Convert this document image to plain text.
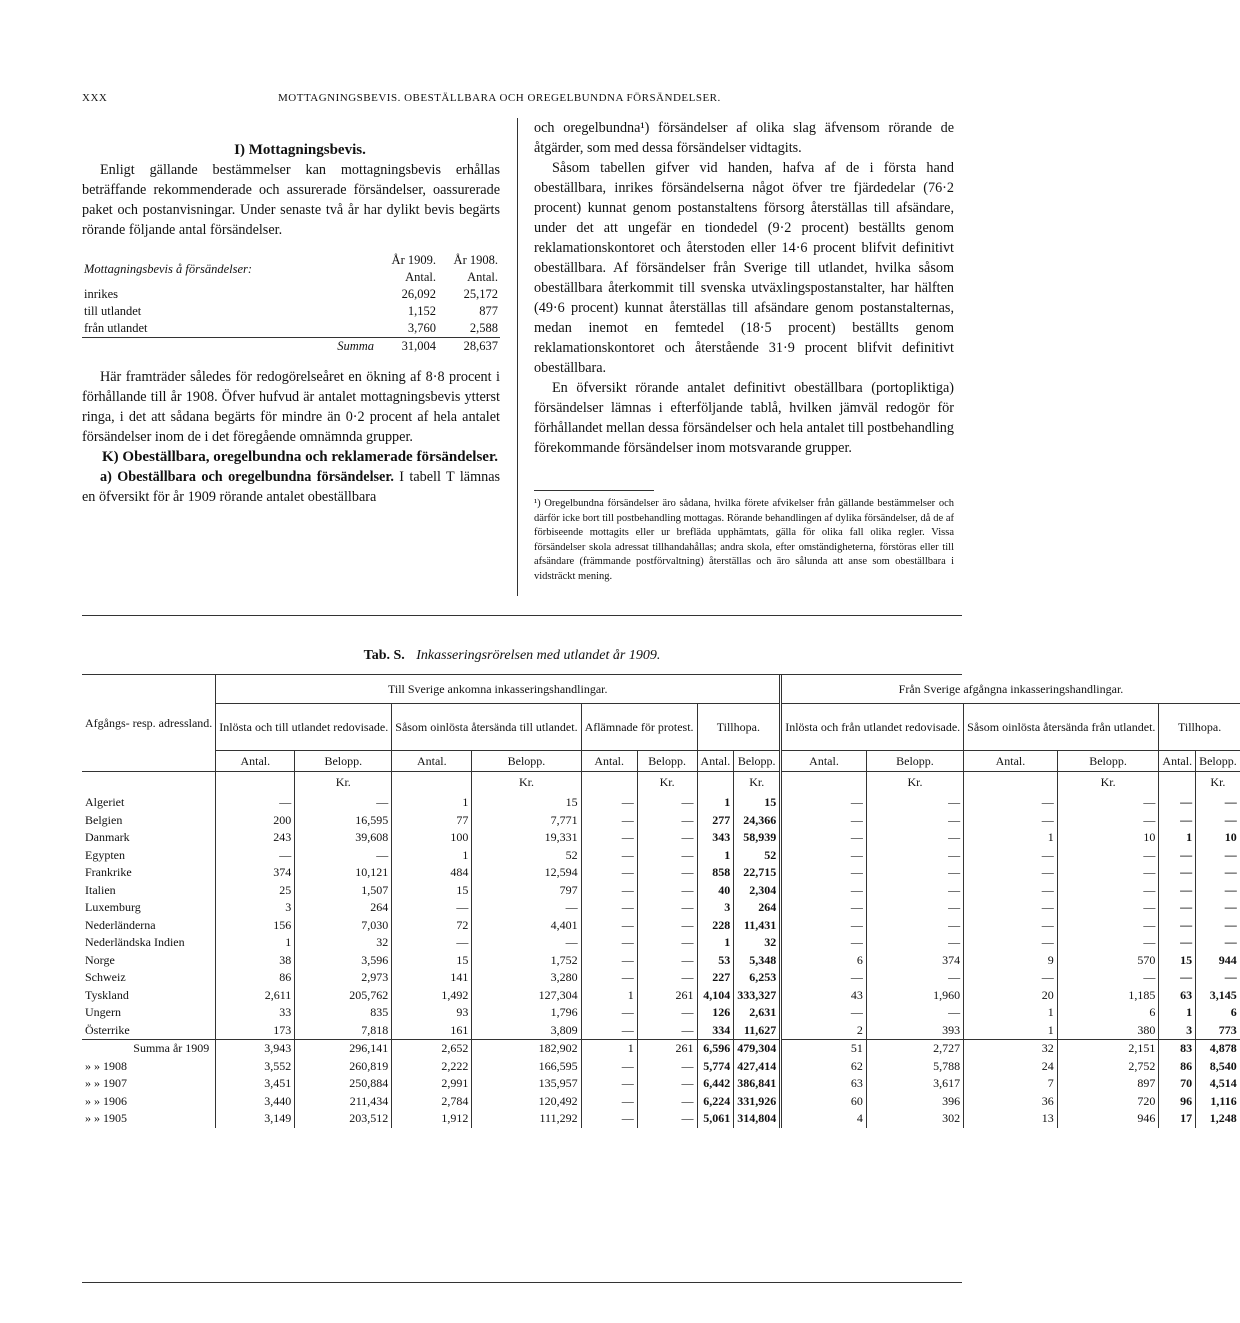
XXX	MOTTAGNINGSBEVIS. OBESTÄLLBARA OCH OREGELBUNDNA FÖRSÄNDELSER.

I) Mottagningsbevis.

Enligt gällande bestämmelser kan mottagningsbevis erhållas beträffande rekommenderade och assurerade försändelser, oassurerade paket och postanvisningar. Under senaste två år har dylikt bevis begärts rörande följande antal försändelser.

Mottagningsbevis å försändelser:	År 1909.	År 1908.
	Antal.	Antal.
inrikes	26,092	25,172
till utlandet	1,152	877
från utlandet	3,760	2,588
Summa	31,004	28,637

Här framträder således för redogörelseåret en ökning af 8·8 procent i förhållande till år 1908. Öfver hufvud är antalet mottagningsbevis ytterst ringa, i det att sådana begärts för mindre än 0·2 procent af hela antalet försändelser inom de i det föregående omnämnda grupper.

K) Obeställbara, oregelbundna och reklamerade försändelser.

a) Obeställbara och oregelbundna försändelser. I tabell T lämnas en öfversikt för år 1909 rörande antalet obeställbara

och oregelbundna¹) försändelser af olika slag äfvensom rörande de åtgärder, som med dessa försändelser vidtagits.

Såsom tabellen gifver vid handen, hafva af de i första hand obeställbara, inrikes försändelserna något öfver tre fjärdedelar (76·2 procent) kunnat genom postanstaltens försorg återställas till afsändare, under det att ungefär en tiondedel (9·2 procent) beställts genom reklamationskontoret och återstoden eller 14·6 procent blifvit definitivt obeställbara. Af försändelser från Sverige till utlandet, hvilka såsom obeställbara återkommit till svenska utväxlingspostanstalter, har hälften (49·6 procent) kunnat återställas till afsändare genom postanstalternas, medan inemot en femtedel (18·5 procent) beställts genom reklamationskontoret och återstående 31·9 procent blifvit definitivt obeställbara.

En öfversikt rörande antalet definitivt obeställbara (portopliktiga) försändelser lämnas i efterföljande tablå, hvilken jämväl redogör för förhållandet mellan dessa försändelser och hela antalet till postbehandling förekommande försändelser inom motsvarande grupper.

¹) Oregelbundna försändelser äro sådana, hvilka förete afvikelser från gällande bestämmelser och därför icke bort till postbehandling mottagas. Rörande behandlingen af dylika försändelser, då de af förbiseende mottagits eller ur brefläda upphämtats, gälla för olika fall olika regler. Vissa försändelser skola adressat tillhandahållas; andra skola, efter omständigheterna, förstöras eller till afsändare (främmande postförvaltning) återställas och äro sålunda att anse som obeställbara i vidsträckt mening.
Tab. S. Inkasseringsrörelsen med utlandet år 1909.
Afgångs- resp. adressland.	Till Sverige ankomna inkasseringshandlingar.								Från Sverige afgångna inkasseringshandlingar.					
	Inlösta och till utlandet redovisade.		Såsom oinlösta återsända till utlandet.		Aflämnade för protest.		Tillhopa.		Inlösta och från utlandet redovisade.		Såsom oinlösta återsända från utlandet.		Tillhopa.	
	Antal.	Belopp.	Antal.	Belopp.	Antal.	Belopp.	Antal.	Belopp.	Antal.	Belopp.	Antal.	Belopp.	Antal.	Belopp.
		Kr.		Kr.		Kr.		Kr.		Kr.		Kr.		Kr.
Algeriet	—	—	1	15	—	—	1	15	—	—	—	—	—	—
Belgien	200	16,595	77	7,771	—	—	277	24,366	—	—	—	—	—	—
Danmark	243	39,608	100	19,331	—	—	343	58,939	—	—	1	10	1	10
Egypten	—	—	1	52	—	—	1	52	—	—	—	—	—	—
Frankrike	374	10,121	484	12,594	—	—	858	22,715	—	—	—	—	—	—
Italien	25	1,507	15	797	—	—	40	2,304	—	—	—	—	—	—
Luxemburg	3	264	—	—	—	—	3	264	—	—	—	—	—	—
Nederländerna	156	7,030	72	4,401	—	—	228	11,431	—	—	—	—	—	—
Nederländska Indien	1	32	—	—	—	—	1	32	—	—	—	—	—	—
Norge	38	3,596	15	1,752	—	—	53	5,348	6	374	9	570	15	944
Schweiz	86	2,973	141	3,280	—	—	227	6,253	—	—	—	—	—	—
Tyskland	2,611	205,762	1,492	127,304	1	261	4,104	333,327	43	1,960	20	1,185	63	3,145
Ungern	33	835	93	1,796	—	—	126	2,631	—	—	1	6	1	6
Österrike	173	7,818	161	3,809	—	—	334	11,627	2	393	1	380	3	773
Summa år 1909	3,943	296,141	2,652	182,902	1	261	6,596	479,304	51	2,727	32	2,151	83	4,878
» » 1908	3,552	260,819	2,222	166,595	—	—	5,774	427,414	62	5,788	24	2,752	86	8,540
» » 1907	3,451	250,884	2,991	135,957	—	—	6,442	386,841	63	3,617	7	897	70	4,514
» » 1906	3,440	211,434	2,784	120,492	—	—	6,224	331,926	60	396	36	720	96	1,116
» » 1905	3,149	203,512	1,912	111,292	—	—	5,061	314,804	4	302	13	946	17	1,248
